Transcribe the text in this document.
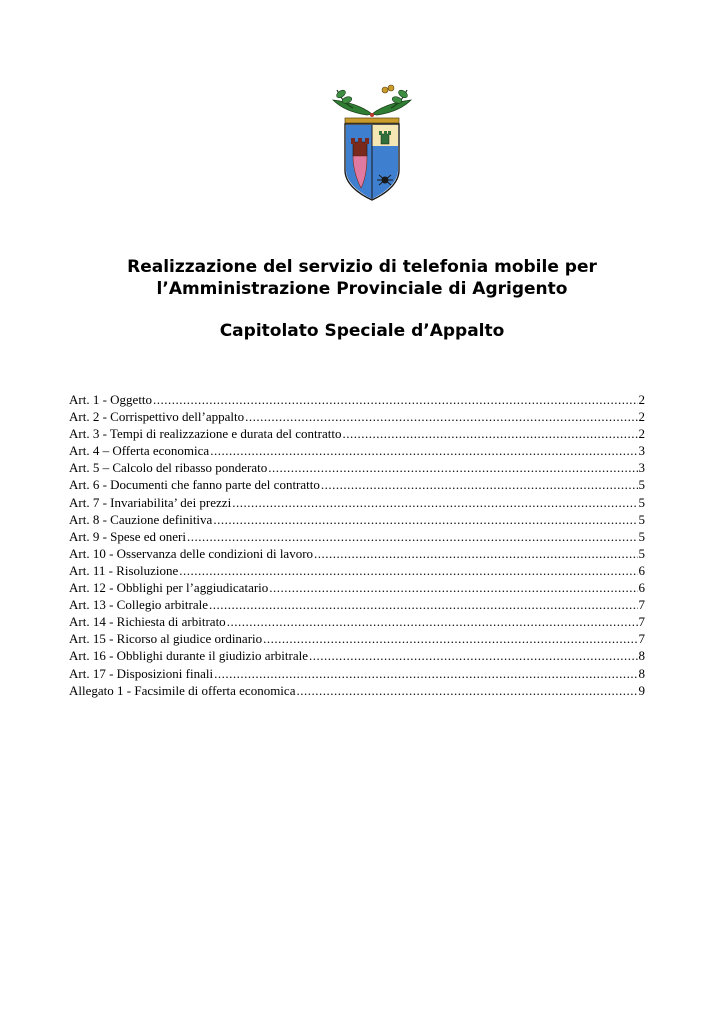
Realizzazione del servizio di telefonia mobile per
l’Amministrazione Provinciale di Agrigento
Capitolato Speciale d’Appalto
Art. 1 - Oggetto .....	2
Art. 2 - Corrispettivo dell’appalto .....	2
Art. 3 - Tempi di realizzazione e durata del contratto .....	2
Art. 4 – Offerta economica .....	3
Art. 5 – Calcolo del ribasso ponderato .....	3
Art. 6 - Documenti che fanno parte del contratto .....	5
Art. 7 - Invariabilita’ dei prezzi .....	5
Art. 8 - Cauzione definitiva .....	5
Art. 9 - Spese ed oneri .....	5
Art. 10 - Osservanza delle condizioni di lavoro .....	5
Art. 11 - Risoluzione .....	6
Art. 12 - Obblighi per l’aggiudicatario .....	6
Art. 13 - Collegio arbitrale .....	7
Art. 14 - Richiesta di arbitrato .....	7
Art. 15 - Ricorso al giudice ordinario .....	7
Art. 16 - Obblighi durante il giudizio arbitrale .....	8
Art. 17 - Disposizioni finali .....	8
Allegato 1 - Facsimile di offerta economica .....	9
